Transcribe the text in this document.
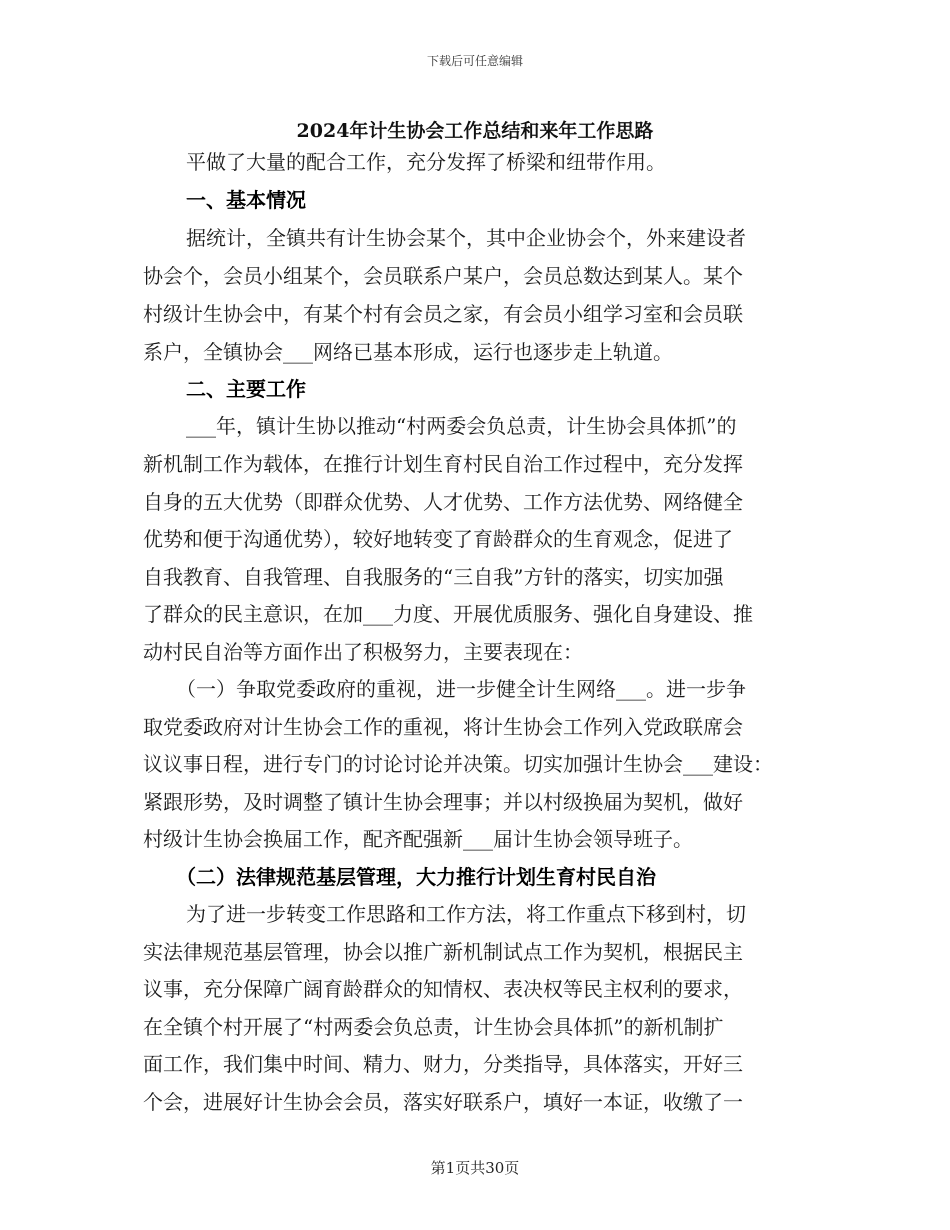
下载后可任意编辑
2024年计生协会工作总结和来年工作思路
平做了大量的配合工作，充分发挥了桥梁和纽带作用。
一、基本情况
据统计，全镇共有计生协会某个，其中企业协会个，外来建设者
协会个，会员小组某个，会员联系户某户，会员总数达到某人。某个
村级计生协会中，有某个村有会员之家，有会员小组学习室和会员联
系户，全镇协会___网络已基本形成，运行也逐步走上轨道。
二、主要工作
___年，镇计生协以推动“村两委会负总责，计生协会具体抓”的
新机制工作为载体，在推行计划生育村民自治工作过程中，充分发挥
自身的五大优势（即群众优势、人才优势、工作方法优势、网络健全
优势和便于沟通优势），较好地转变了育龄群众的生育观念，促进了
自我教育、自我管理、自我服务的“三自我”方针的落实，切实加强
了群众的民主意识，在加___力度、开展优质服务、强化自身建设、推
动村民自治等方面作出了积极努力，主要表现在：
（一）争取党委政府的重视，进一步健全计生网络___。进一步争
取党委政府对计生协会工作的重视，将计生协会工作列入党政联席会
议议事日程，进行专门的讨论讨论并决策。切实加强计生协会___建设：
紧跟形势，及时调整了镇计生协会理事；并以村级换届为契机，做好
村级计生协会换届工作，配齐配强新___届计生协会领导班子。
（二）法律规范基层管理，大力推行计划生育村民自治
为了进一步转变工作思路和工作方法，将工作重点下移到村，切
实法律规范基层管理，协会以推广新机制试点工作为契机，根据民主
议事，充分保障广阔育龄群众的知情权、表决权等民主权利的要求，
在全镇个村开展了“村两委会负总责，计生协会具体抓”的新机制扩
面工作，我们集中时间、精力、财力，分类指导，具体落实，开好三
个会，进展好计生协会会员，落实好联系户，填好一本证，收缴了一
第1页共30页
